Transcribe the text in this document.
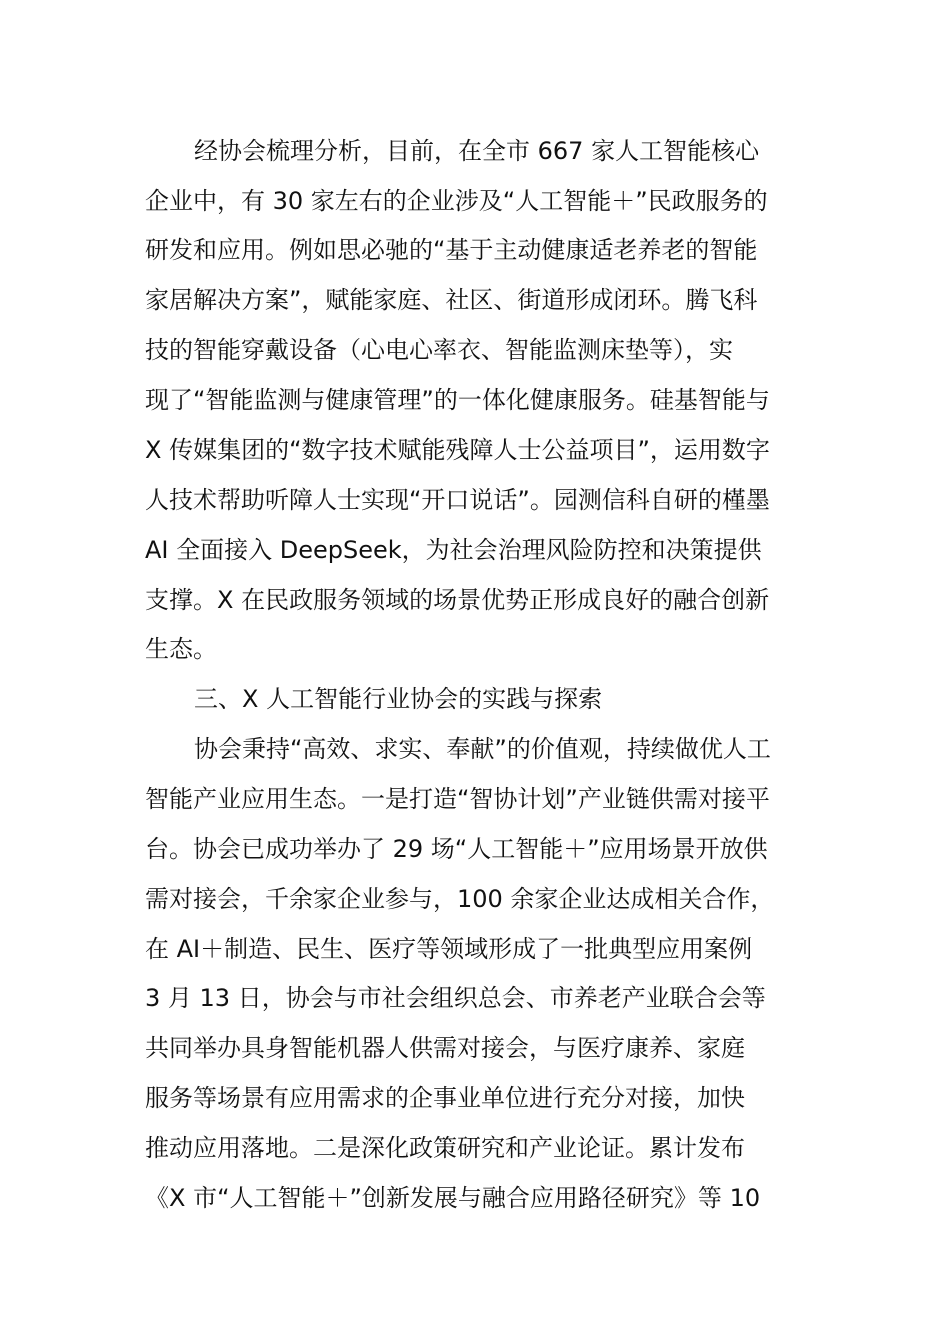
经协会梳理分析，目前，在全市 667 家人工智能核心
企业中，有 30 家左右的企业涉及“人工智能＋”民政服务的
研发和应用。例如思必驰的“基于主动健康适老养老的智能
家居解决方案”，赋能家庭、社区、街道形成闭环。腾飞科
技的智能穿戴设备（心电心率衣、智能监测床垫等），实
现了“智能监测与健康管理”的一体化健康服务。硅基智能与
X 传媒集团的“数字技术赋能残障人士公益项目”，运用数字
人技术帮助听障人士实现“开口说话”。园测信科自研的槿墨
AI 全面接入 DeepSeek，为社会治理风险防控和决策提供
支撑。X 在民政服务领域的场景优势正形成良好的融合创新
生态。
三、X 人工智能行业协会的实践与探索
协会秉持“高效、求实、奉献”的价值观，持续做优人工
智能产业应用生态。一是打造“智协计划”产业链供需对接平
台。协会已成功举办了 29 场“人工智能＋”应用场景开放供
需对接会，千余家企业参与，100 余家企业达成相关合作，
在 AI＋制造、民生、医疗等领域形成了一批典型应用案例
3 月 13 日，协会与市社会组织总会、市养老产业联合会等
共同举办具身智能机器人供需对接会，与医疗康养、家庭
服务等场景有应用需求的企事业单位进行充分对接，加快
推动应用落地。二是深化政策研究和产业论证。累计发布
《X 市“人工智能＋”创新发展与融合应用路径研究》等 10
